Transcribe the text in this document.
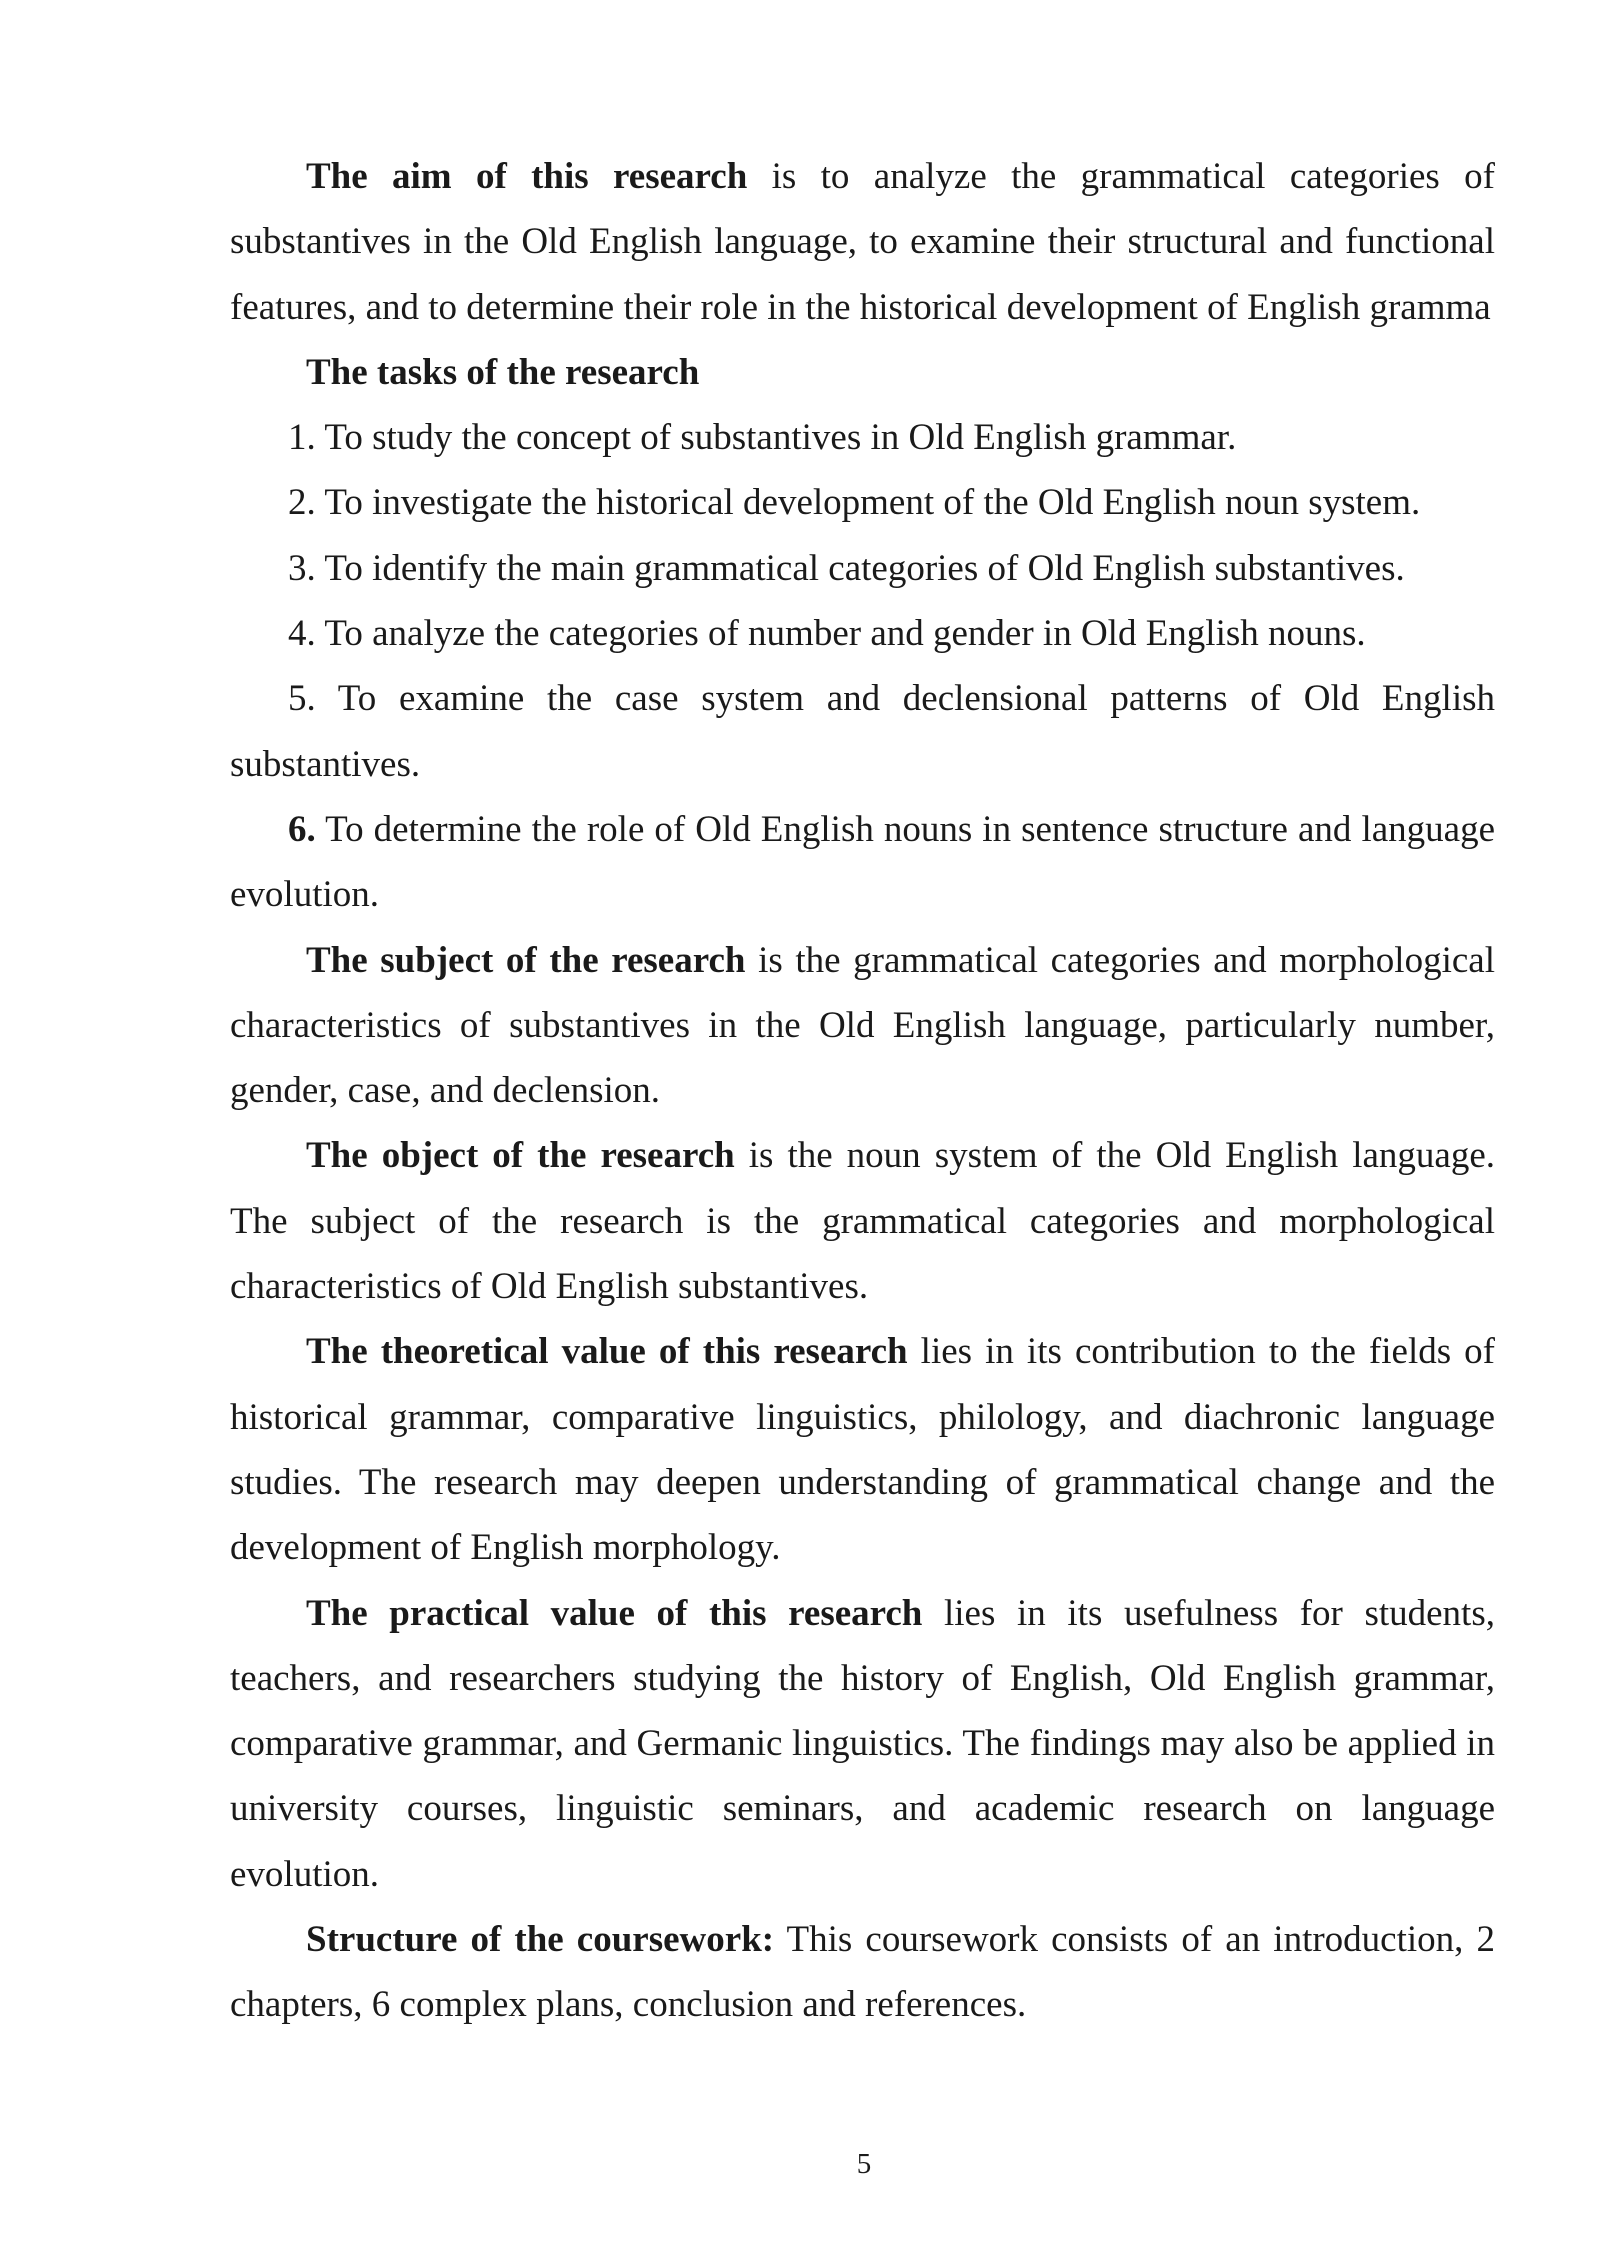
The aim of this research is to analyze the grammatical categories of substantives in the Old English language, to examine their structural and functional features, and to determine their role in the historical development of English gramma

The tasks of the research

1. To study the concept of substantives in Old English grammar.

2. To investigate the historical development of the Old English noun system.

3. To identify the main grammatical categories of Old English substantives.

4. To analyze the categories of number and gender in Old English nouns.

5. To examine the case system and declensional patterns of Old English substantives.

6. To determine the role of Old English nouns in sentence structure and language evolution.

The subject of the research is the grammatical categories and morphological characteristics of substantives in the Old English language, particularly number, gender, case, and declension.

The object of the research is the noun system of the Old English language. The subject of the research is the grammatical categories and morphological characteristics of Old English substantives.

The theoretical value of this research lies in its contribution to the fields of historical grammar, comparative linguistics, philology, and diachronic language studies. The research may deepen understanding of grammatical change and the development of English morphology.

The practical value of this research lies in its usefulness for students, teachers, and researchers studying the history of English, Old English grammar, comparative grammar, and Germanic linguistics. The findings may also be applied in university courses, linguistic seminars, and academic research on language evolution.

Structure of the coursework: This coursework consists of an introduction, 2 chapters, 6 complex plans, conclusion and references.

5
